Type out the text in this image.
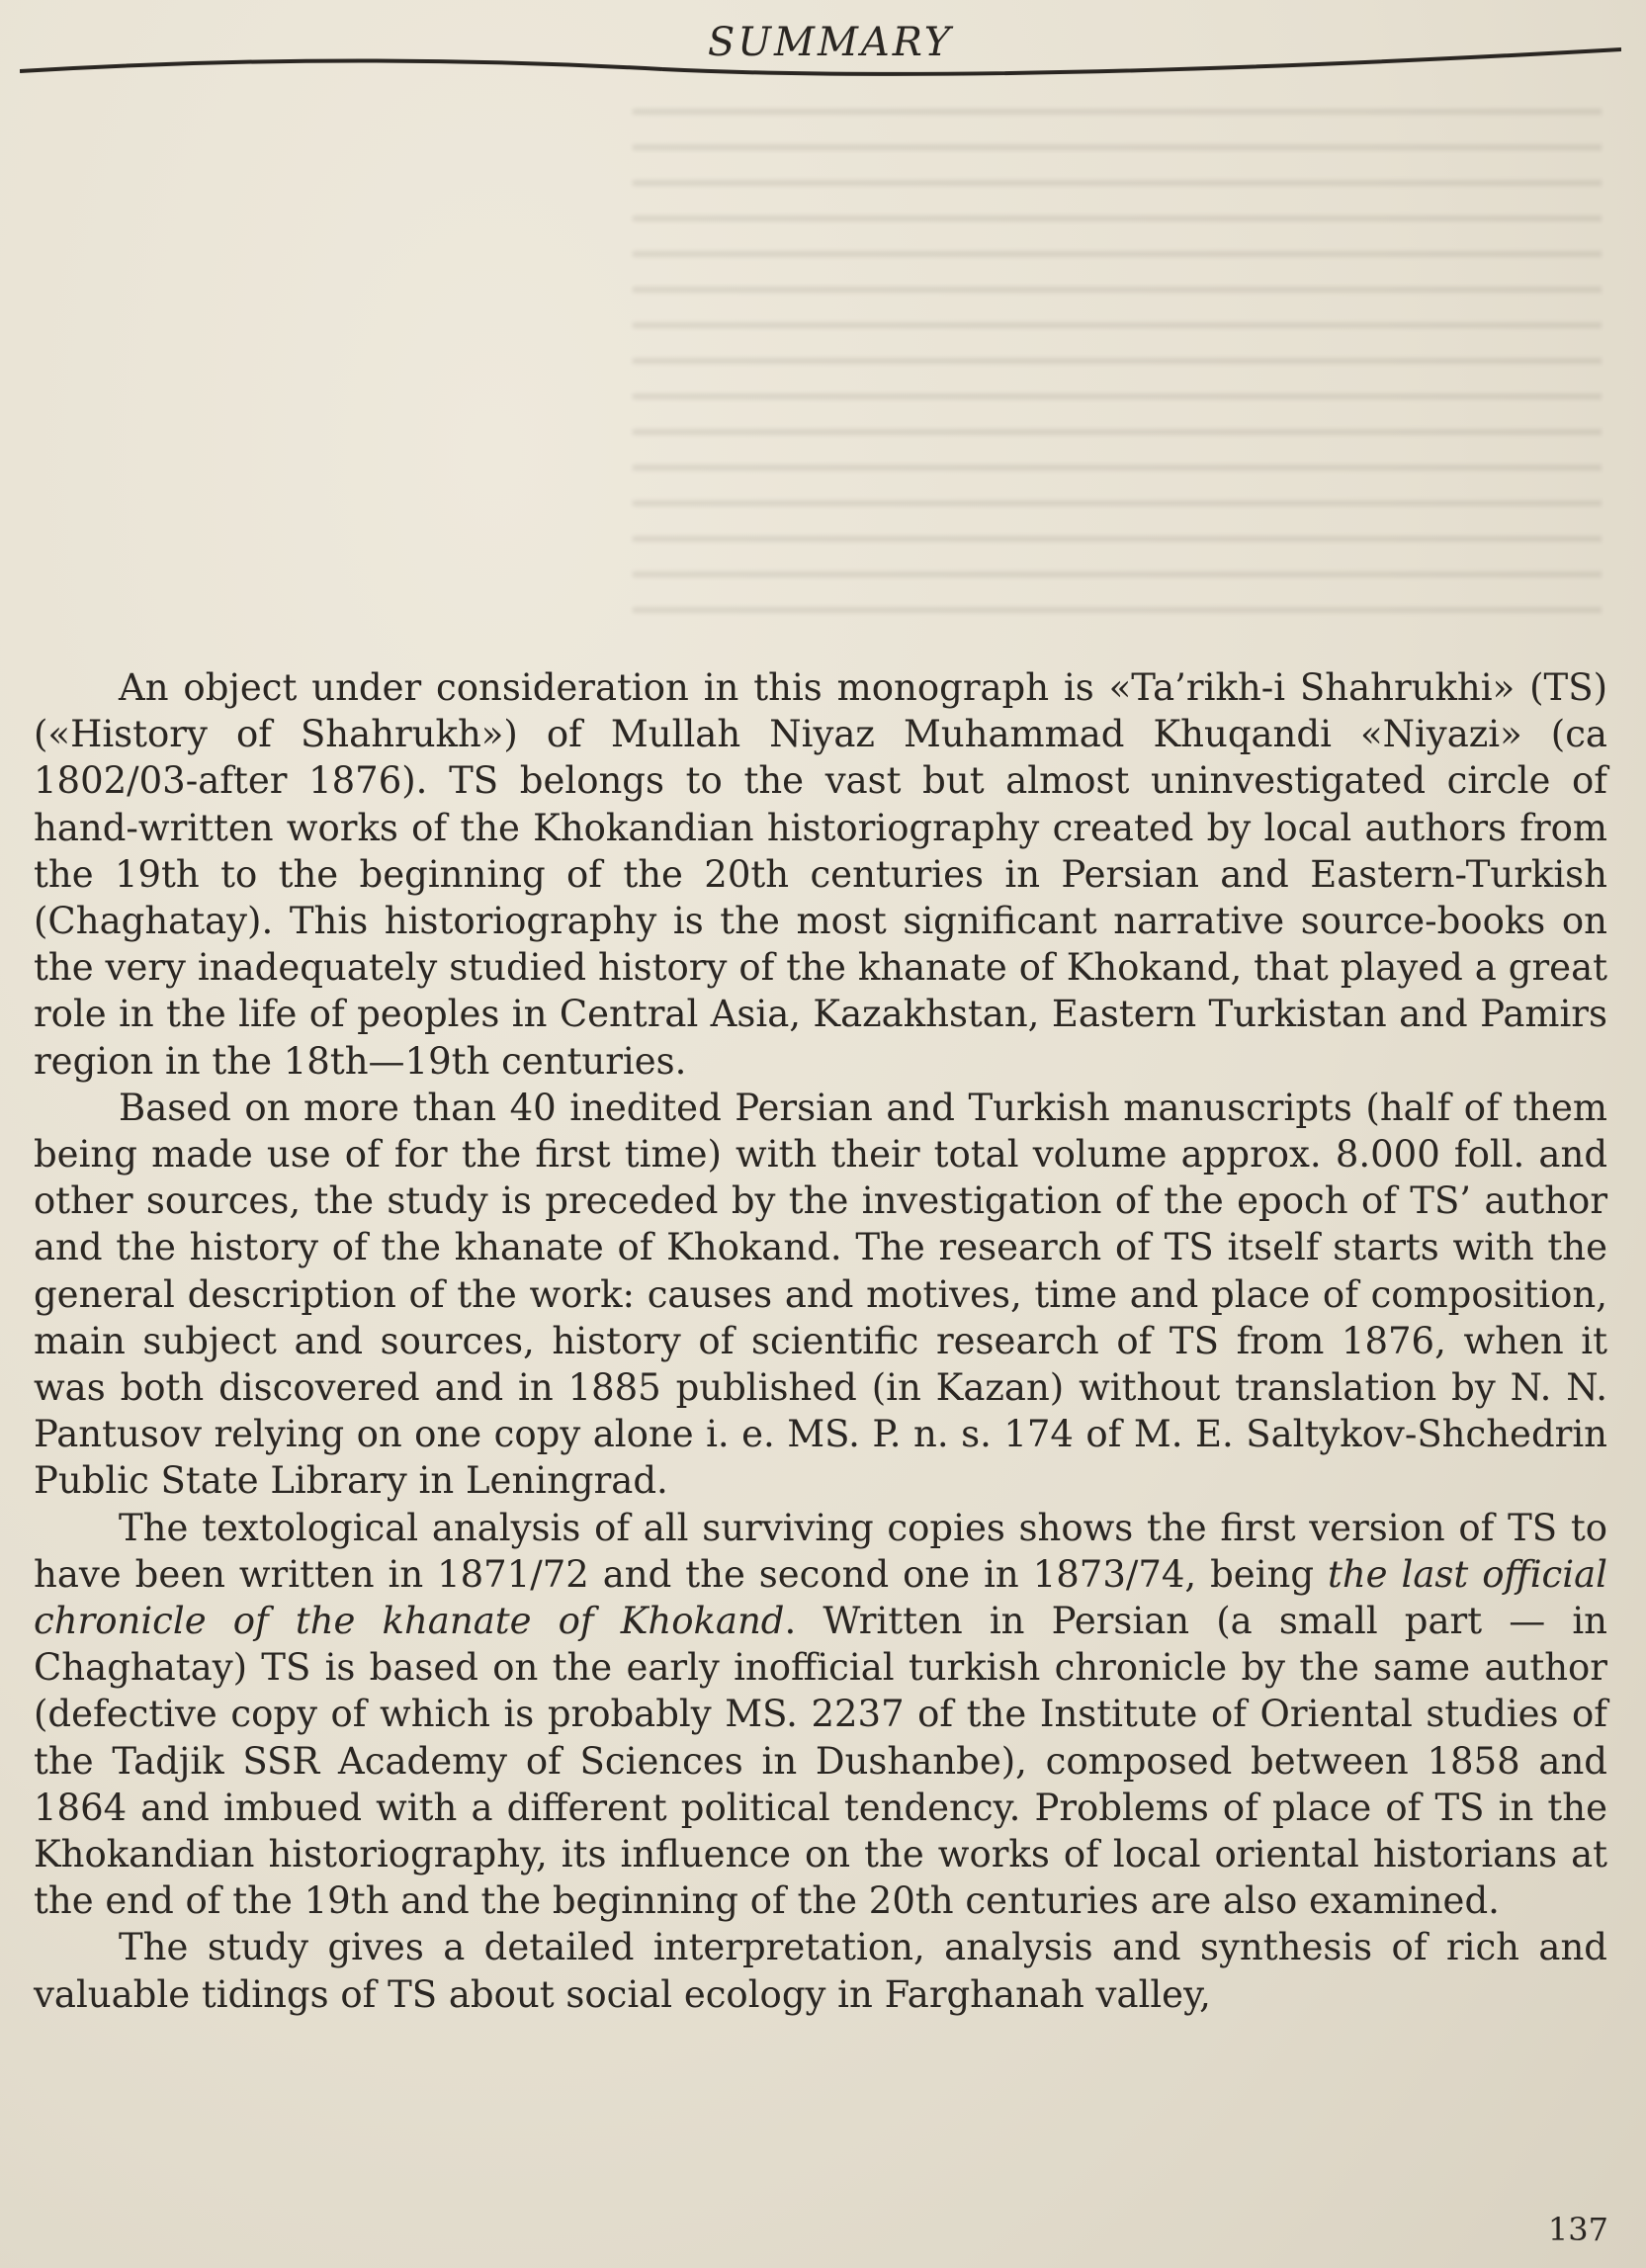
SUMMARY

An object under consideration in this monograph is «Ta’rikh-i Shahrukhi» (TS) («History of Shahrukh») of Mullah Niyaz Muhammad Khuqandi «Niyazi» (ca 1802/03-after 1876). TS belongs to the vast but almost uninvestigated circle of hand-written works of the Khokandian historiography created by local authors from the 19th to the beginning of the 20th centuries in Persian and Eastern-Turkish (Chaghatay). This historiography is the most significant narrative source-books on the very inadequately studied history of the khanate of Khokand, that played a great role in the life of peoples in Central Asia, Kazakhstan, Eastern Turkistan and Pamirs region in the 18th—19th centuries.

Based on more than 40 inedited Persian and Turkish manuscripts (half of them being made use of for the first time) with their total volume approx. 8.000 foll. and other sources, the study is preceded by the investigation of the epoch of TS’ author and the history of the khanate of Khokand. The research of TS itself starts with the general description of the work: causes and motives, time and place of composition, main subject and sources, history of scientific research of TS from 1876, when it was both discovered and in 1885 published (in Kazan) without translation by N. N. Pantusov relying on one copy alone i. e. MS. P. n. s. 174 of M. E. Saltykov-Shchedrin Public State Library in Leningrad.

The textological analysis of all surviving copies shows the first version of TS to have been written in 1871/72 and the second one in 1873/74, being the last official chronicle of the khanate of Khokand. Written in Persian (a small part — in Chaghatay) TS is based on the early inofficial turkish chronicle by the same author (defective copy of which is probably MS. 2237 of the Institute of Oriental studies of the Tadjik SSR Academy of Sciences in Dushanbe), composed between 1858 and 1864 and imbued with a different political tendency. Problems of place of TS in the Khokandian historiography, its influence on the works of local oriental historians at the end of the 19th and the beginning of the 20th centuries are also examined.

The study gives a detailed interpretation, analysis and synthesis of rich and valuable tidings of TS about social ecology in Farghanah valley,

137
